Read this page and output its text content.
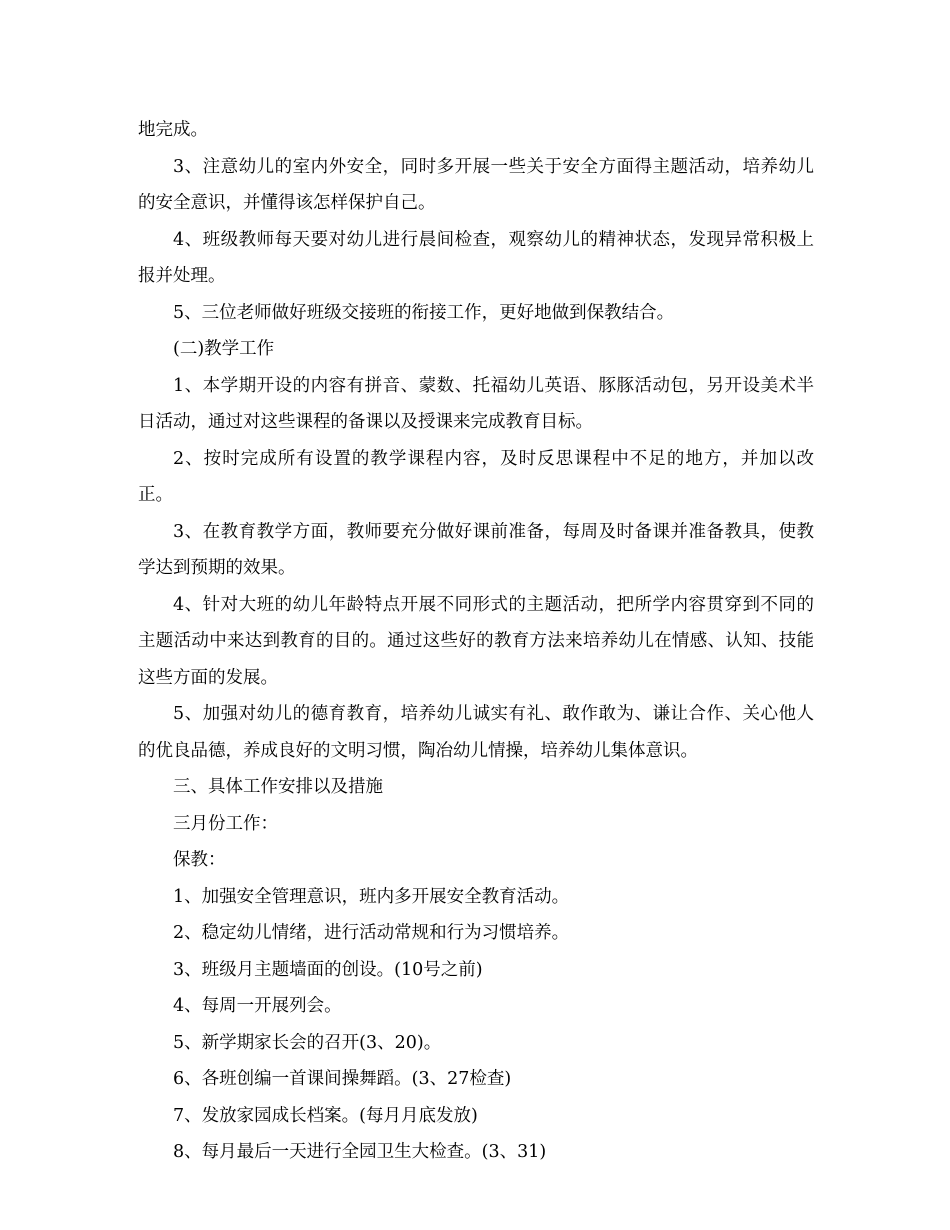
地完成。

3、注意幼儿的室内外安全，同时多开展一些关于安全方面得主题活动，培养幼儿的安全意识，并懂得该怎样保护自己。

4、班级教师每天要对幼儿进行晨间检查，观察幼儿的精神状态，发现异常积极上报并处理。

5、三位老师做好班级交接班的衔接工作，更好地做到保教结合。

(二)教学工作

1、本学期开设的内容有拼音、蒙数、托福幼儿英语、豚豚活动包，另开设美术半日活动，通过对这些课程的备课以及授课来完成教育目标。

2、按时完成所有设置的教学课程内容，及时反思课程中不足的地方，并加以改正。

3、在教育教学方面，教师要充分做好课前准备，每周及时备课并准备教具，使教学达到预期的效果。

4、针对大班的幼儿年龄特点开展不同形式的主题活动，把所学内容贯穿到不同的主题活动中来达到教育的目的。通过这些好的教育方法来培养幼儿在情感、认知、技能这些方面的发展。

5、加强对幼儿的德育教育，培养幼儿诚实有礼、敢作敢为、谦让合作、关心他人的优良品德，养成良好的文明习惯，陶冶幼儿情操，培养幼儿集体意识。

三、具体工作安排以及措施

三月份工作：

保教：

1、加强安全管理意识，班内多开展安全教育活动。

2、稳定幼儿情绪，进行活动常规和行为习惯培养。

3、班级月主题墙面的创设。(10号之前)

4、每周一开展列会。

5、新学期家长会的召开(3、20)。

6、各班创编一首课间操舞蹈。(3、27检查)

7、发放家园成长档案。(每月月底发放)

8、每月最后一天进行全园卫生大检查。(3、31)
